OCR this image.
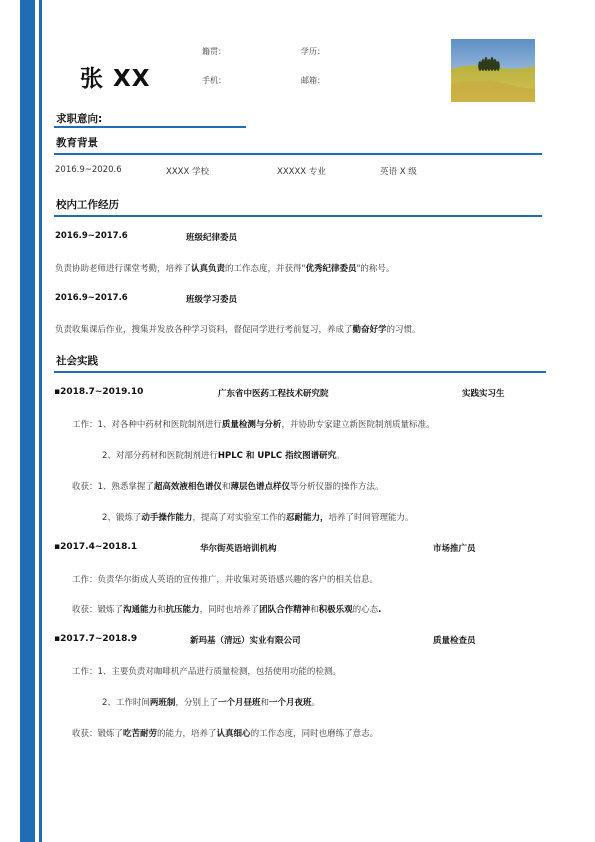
张 XX
籍贯：	学历：
手机：	邮箱：
求职意向:
教育背景
2016.9~2020.6	XXXX 学校	XXXXX 专业	英语 X 级
校内工作经历
2016.9~2017.6	班级纪律委员
负责协助老师进行课堂考勤，培养了认真负责的工作态度，并获得"优秀纪律委员"的称号。
2016.9~2017.6	班级学习委员
负责收集课后作业，搜集并发放各种学习资料，督促同学进行考前复习，养成了勤奋好学的习惯。
社会实践
▪2018.7~2019.10	广东省中医药工程技术研究院	实践实习生
工作：1、对各种中药材和医院制剂进行质量检测与分析，并协助专家建立新医院制剂质量标准。
2、对部分药材和医院制剂进行HPLC 和 UPLC 指纹图谱研究。
收获：1、熟悉掌握了超高效液相色谱仪和薄层色谱点样仪等分析仪器的操作方法。
2、锻炼了动手操作能力，提高了对实验室工作的忍耐能力，培养了时间管理能力。
▪2017.4~2018.1	华尔街英语培训机构	市场推广员
工作：负责华尔街成人英语的宣传推广，并收集对英语感兴趣的客户的相关信息。
收获：锻炼了沟通能力和抗压能力，同时也培养了团队合作精神和积极乐观的心态.
▪2017.7~2018.9	新玛基（清远）实业有限公司	质量检查员
工作：1、主要负责对咖啡机产品进行质量检测，包括使用功能的检测。
2、工作时间两班制，分别上了一个月昼班和一个月夜班。
收获：锻炼了吃苦耐劳的能力，培养了认真细心的工作态度，同时也磨练了意志。
